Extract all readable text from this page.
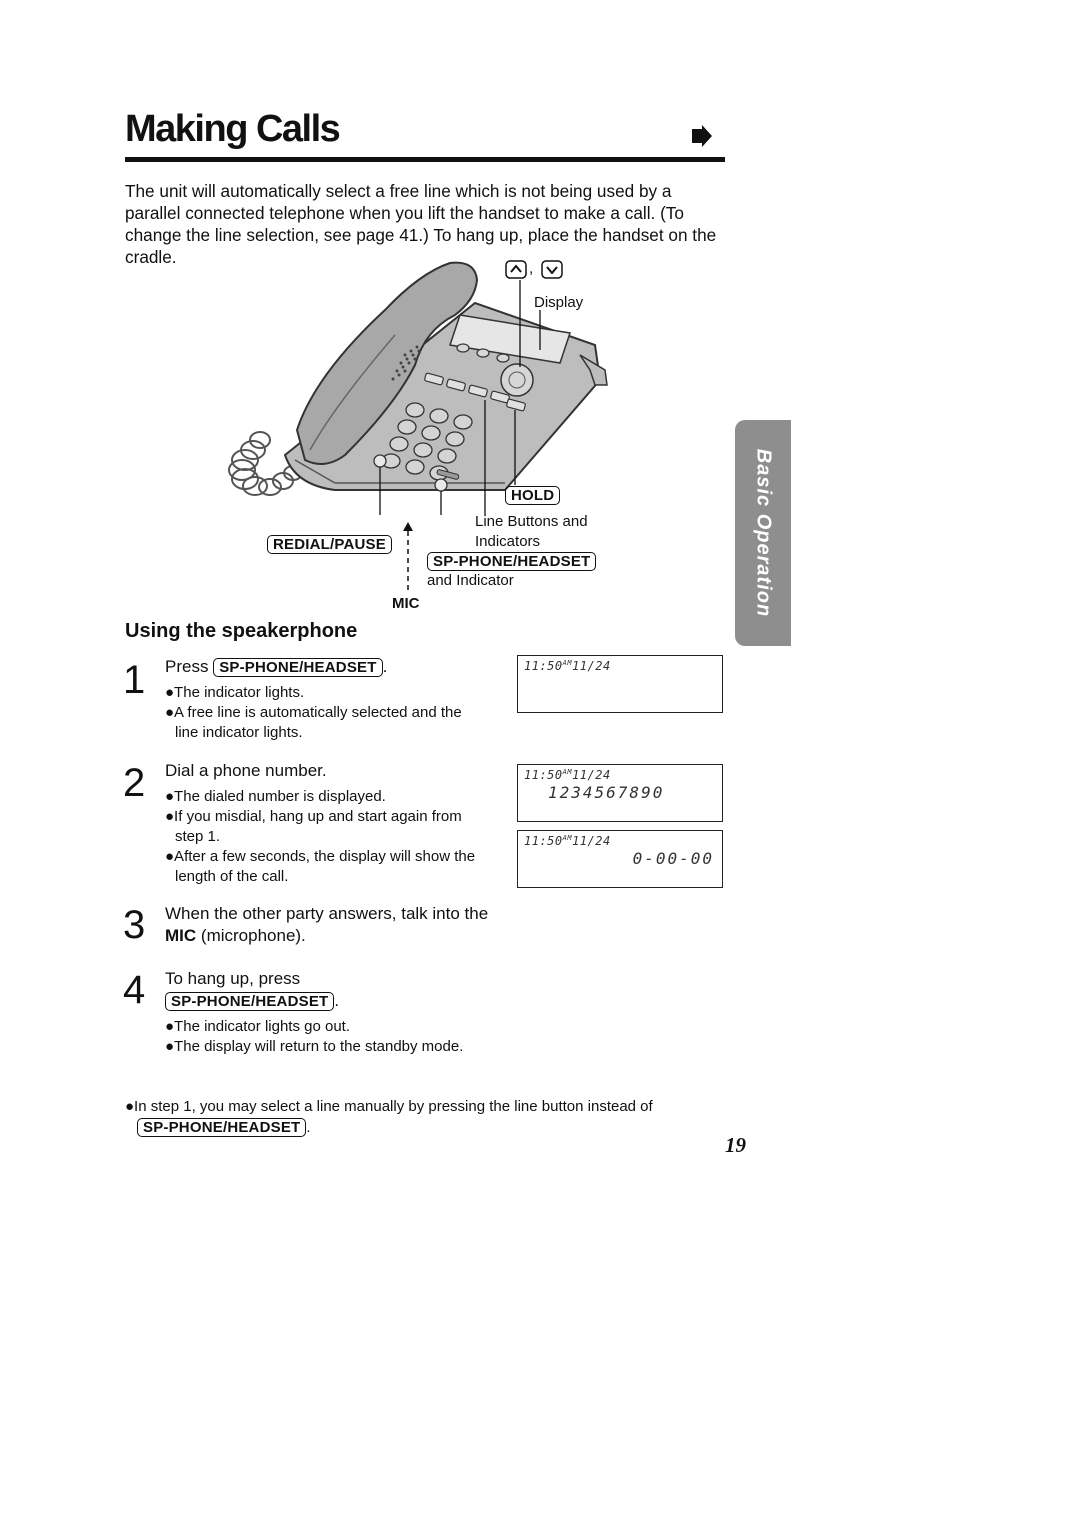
Making Calls
The unit will automatically select a free line which is not being used by a parallel connected telephone when you lift the handset to make a call. (To change the line selection, see page 41.) To hang up, place the handset on the cradle.
,
Display
HOLD
Line Buttons and Indicators
REDIAL/PAUSE
SP-PHONE/HEADSET
and Indicator
MIC	Basic Operation
Using the speakerphone
1 Press SP-PHONE/HEADSET .
●The indicator lights.
●A free line is automatically selected and the line indicator lights.
2 Dial a phone number.
●The dialed number is displayed.
●If you misdial, hang up and start again from step 1.
●After a few seconds, the display will show the length of the call.
3 When the other party answers, talk into the MIC (microphone).
4 To hang up, press
SP-PHONE/HEADSET .
●The indicator lights go out.
●The display will return to the standby mode.
$11:50^{AM}11/24$
$11:50^{AM}11/24$
1234567890
$11:50^{AM}11/24$
0-00-00
●In step 1, you may select a line manually by pressing the line button instead of
SP-PHONE/HEADSET .
19
